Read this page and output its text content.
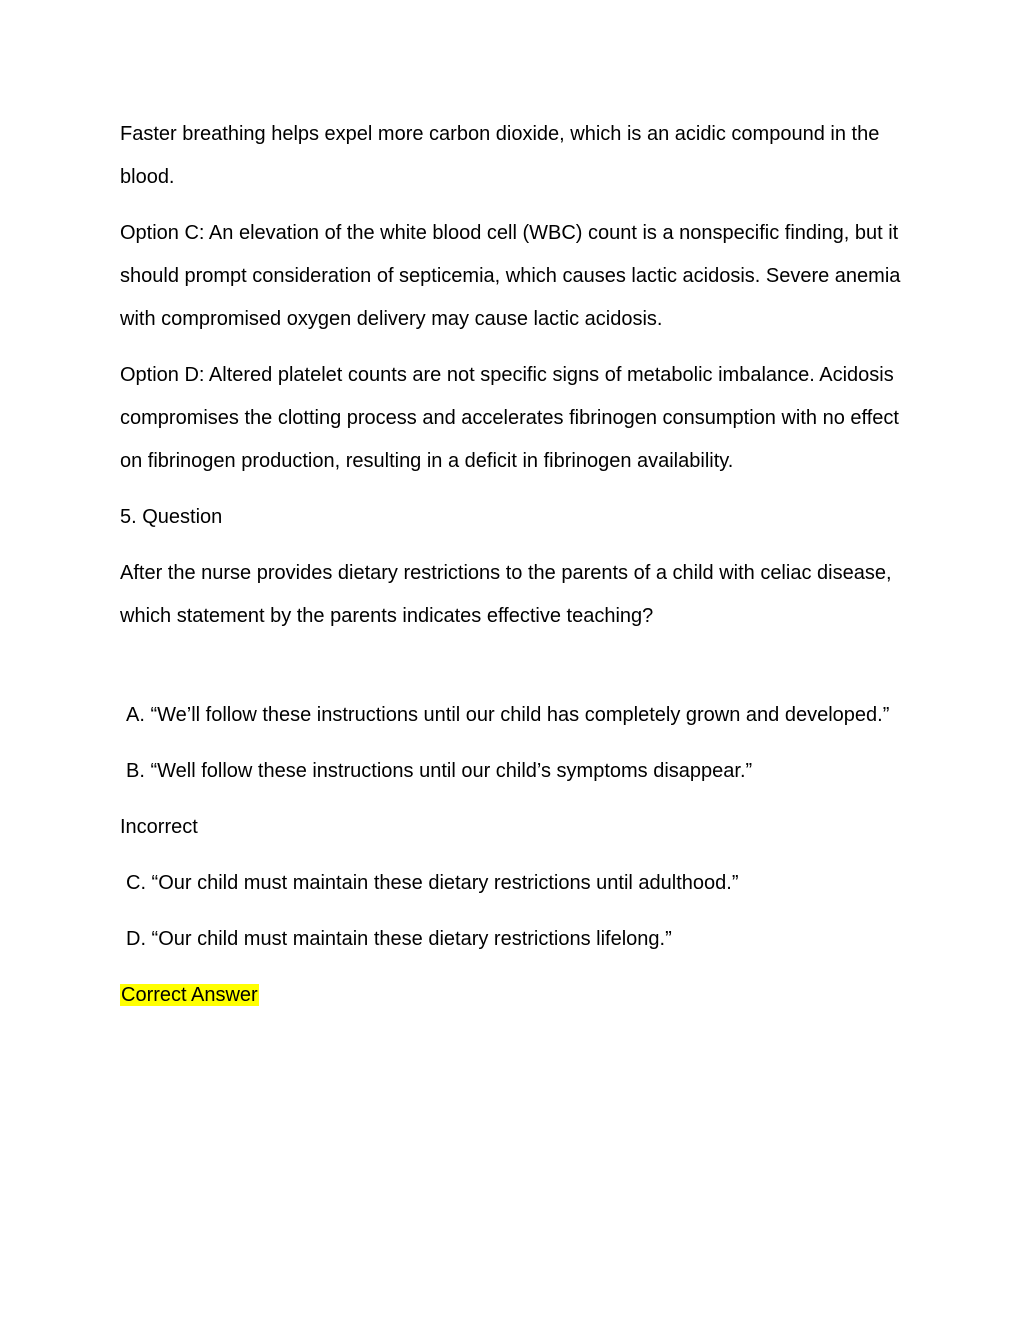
Faster breathing helps expel more carbon dioxide, which is an acidic compound in the blood.

Option C: An elevation of the white blood cell (WBC) count is a nonspecific finding, but it should prompt consideration of septicemia, which causes lactic acidosis. Severe anemia with compromised oxygen delivery may cause lactic acidosis.

Option D: Altered platelet counts are not specific signs of metabolic imbalance. Acidosis compromises the clotting process and accelerates fibrinogen consumption with no effect on fibrinogen production, resulting in a deficit in fibrinogen availability.

5. Question

After the nurse provides dietary restrictions to the parents of a child with celiac disease, which statement by the parents indicates effective teaching?

A. “We’ll follow these instructions until our child has completely grown and developed.”

B. “Well follow these instructions until our child’s symptoms disappear.”

Incorrect

C. “Our child must maintain these dietary restrictions until adulthood.”

D. “Our child must maintain these dietary restrictions lifelong.”

Correct Answer
